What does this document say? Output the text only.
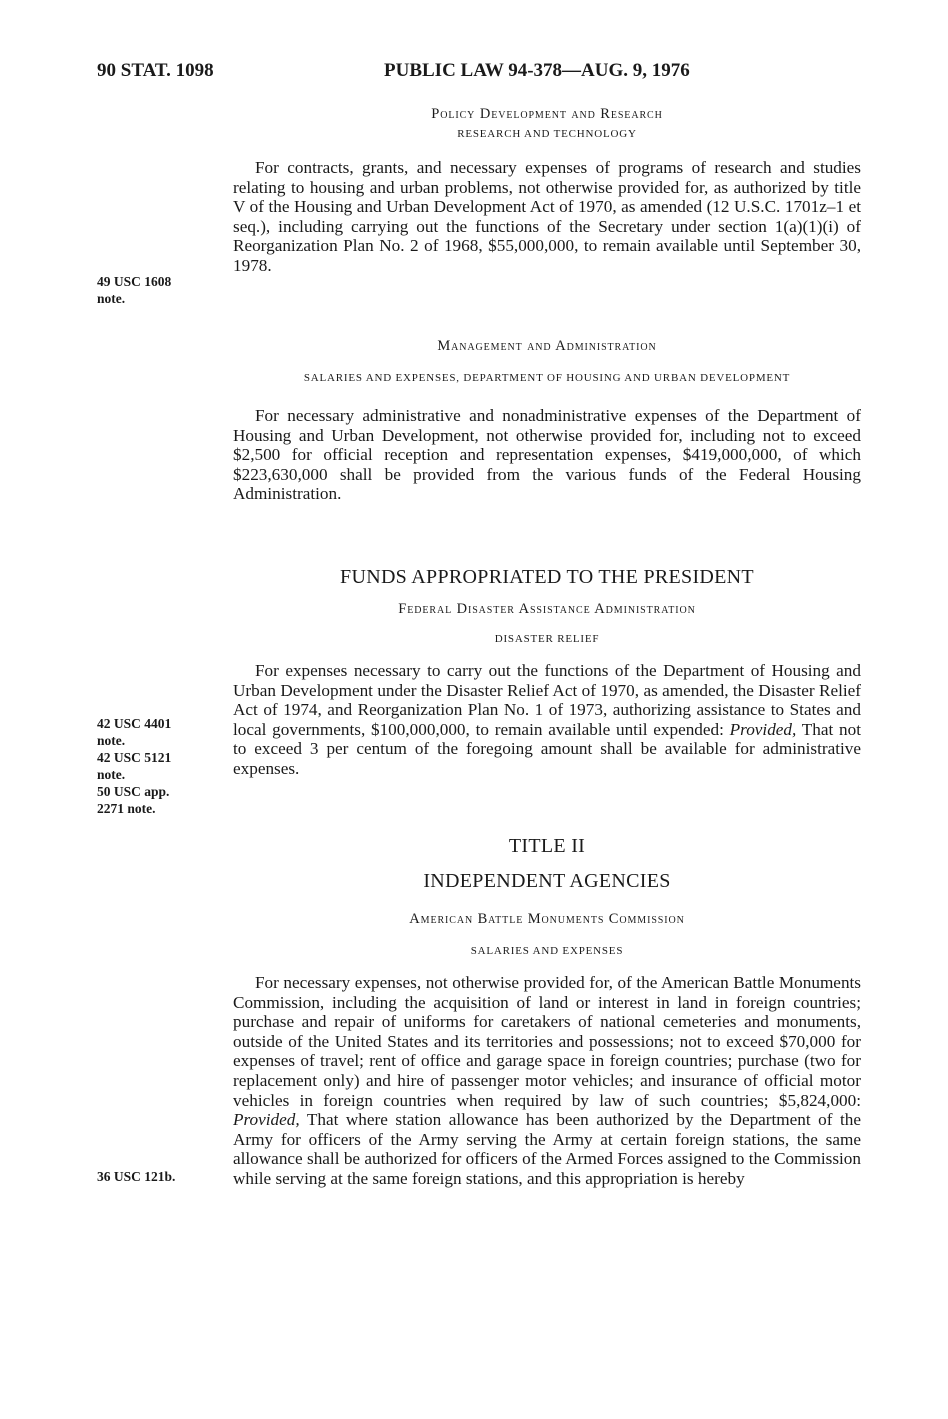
90 STAT. 1098	PUBLIC LAW 94-378—AUG. 9, 1976

Policy Development and Research

RESEARCH AND TECHNOLOGY

For contracts, grants, and necessary expenses of programs of research and studies relating to housing and urban problems, not otherwise provided for, as authorized by title V of the Housing and Urban Development Act of 1970, as amended (12 U.S.C. 1701z–1 et seq.), including carrying out the functions of the Secretary under section 1(a)(1)(i) of Reorganization Plan No. 2 of 1968, $55,000,000, to remain available until September 30, 1978.

49 USC 1608
note.

Management and Administration

SALARIES AND EXPENSES, DEPARTMENT OF HOUSING AND URBAN DEVELOPMENT

For necessary administrative and nonadministrative expenses of the Department of Housing and Urban Development, not otherwise provided for, including not to exceed $2,500 for official reception and representation expenses, $419,000,000, of which $223,630,000 shall be provided from the various funds of the Federal Housing Administration.

FUNDS APPROPRIATED TO THE PRESIDENT

Federal Disaster Assistance Administration

DISASTER RELIEF

For expenses necessary to carry out the functions of the Department of Housing and Urban Development under the Disaster Relief Act of 1970, as amended, the Disaster Relief Act of 1974, and Reorganization Plan No. 1 of 1973, authorizing assistance to States and local governments, $100,000,000, to remain available until expended: Provided, That not to exceed 3 per centum of the foregoing amount shall be available for administrative expenses.

42 USC 4401
note.
42 USC 5121
note.
50 USC app.
2271 note.

TITLE II

INDEPENDENT AGENCIES

American Battle Monuments Commission

SALARIES AND EXPENSES

For necessary expenses, not otherwise provided for, of the American Battle Monuments Commission, including the acquisition of land or interest in land in foreign countries; purchase and repair of uniforms for caretakers of national cemeteries and monuments, outside of the United States and its territories and possessions; not to exceed $70,000 for expenses of travel; rent of office and garage space in foreign countries; purchase (two for replacement only) and hire of passenger motor vehicles; and insurance of official motor vehicles in foreign countries when required by law of such countries; $5,824,000: Provided, That where station allowance has been authorized by the Department of the Army for officers of the Army serving the Army at certain foreign stations, the same allowance shall be authorized for officers of the Armed Forces assigned to the Commission while serving at the same foreign stations, and this appropriation is hereby

36 USC 121b.
